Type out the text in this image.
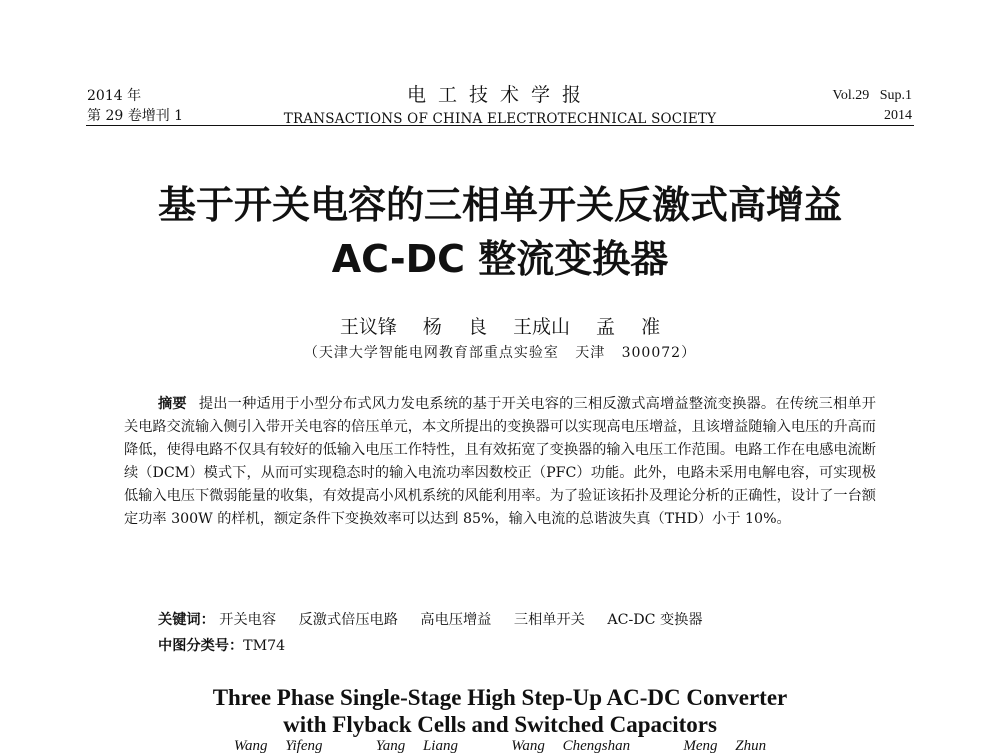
2014 年
第 29 卷增刊 1
电工技术学报
TRANSACTIONS OF CHINA ELECTROTECHNICAL SOCIETY
Vol.29   Sup.1
2014
基于开关电容的三相单开关反激式高增益
AC-DC 整流变换器
王议锋 杨 良 王成山 孟 准
（天津大学智能电网教育部重点实验室   天津   300072）
摘要 提出一种适用于小型分布式风力发电系统的基于开关电容的三相反激式高增益整流变换器。在传统三相单开关电路交流输入侧引入带开关电容的倍压单元，本文所提出的变换器可以实现高电压增益，且该增益随输入电压的升高而降低，使得电路不仅具有较好的低输入电压工作特性，且有效拓宽了变换器的输入电压工作范围。电路工作在电感电流断续（DCM）模式下，从而可实现稳态时的输入电流功率因数校正（PFC）功能。此外，电路未采用电解电容，可实现极低输入电压下微弱能量的收集，有效提高小风机系统的风能利用率。为了验证该拓扑及理论分析的正确性，设计了一台额定功率 300W 的样机，额定条件下变换效率可以达到 85%，输入电流的总谐波失真（THD）小于 10%。
关键词： 开关电容 反激式倍压电路 高电压增益 三相单开关 AC-DC 变换器
中图分类号：TM74
Three Phase Single-Stage High Step-Up AC-DC Converter
with Flyback Cells and Switched Capacitors
Wang Yifeng   Yang Liang   Wang Chengshan   Meng Zhun
